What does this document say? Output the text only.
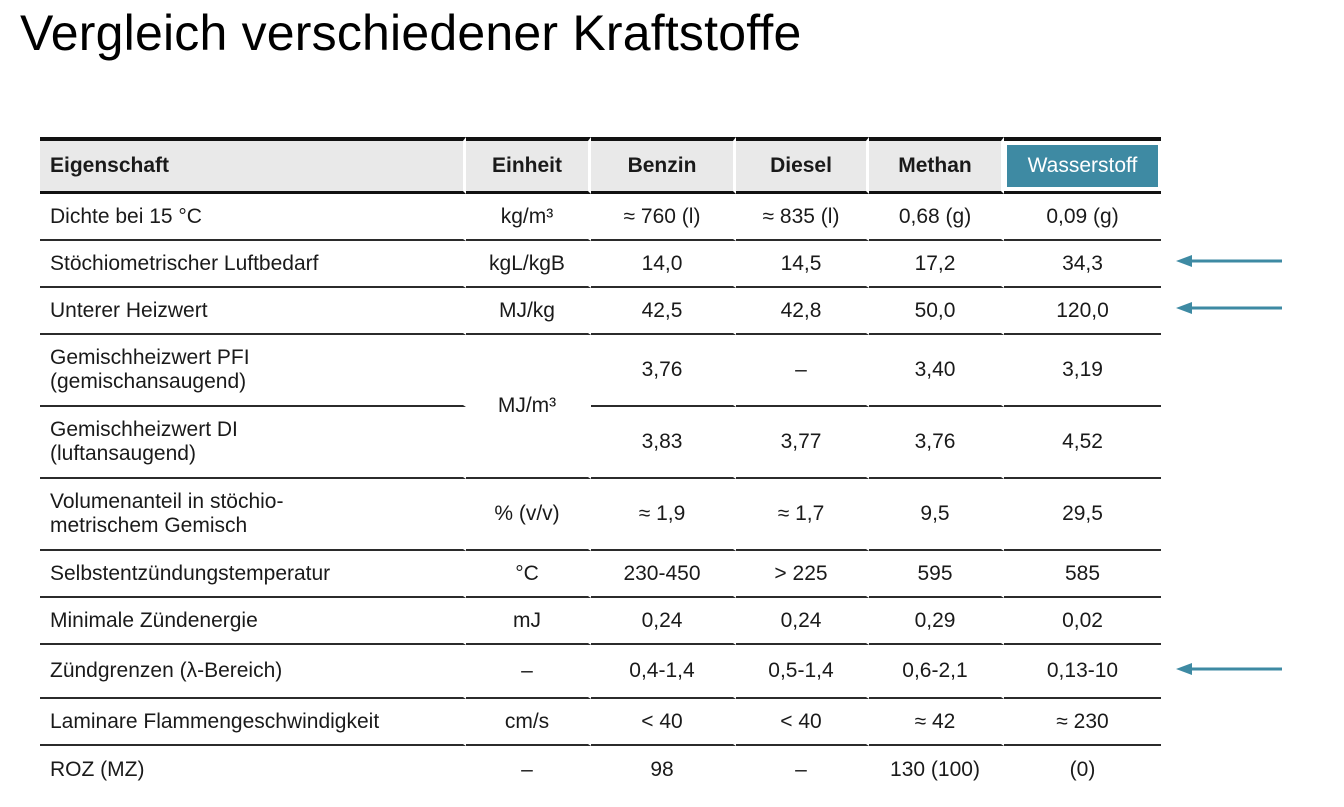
Vergleich verschiedener Kraftstoffe
Eigenschaft	Einheit	Benzin	Diesel	Methan	Wasserstoff

Dichte bei 15 °C	kg/m³	≈ 760 (l)	≈ 835 (l)	0,68 (g)	0,09 (g)
Stöchiometrischer Luftbedarf	kgL/kgB	14,0	14,5	17,2	34,3
Unterer Heizwert	MJ/kg	42,5	42,8	50,0	120,0

Gemischheizwert PFI
(gemischansaugend)	MJ/m³	3,76	–	3,40	3,19

Gemischheizwert DI
(luftansaugend)		3,83	3,77	3,76	4,52

Volumenanteil in stöchio-
metrischem Gemisch	% (v/v)	≈ 1,9	≈ 1,7	9,5	29,5
Selbstentzündungstemperatur	°C	230-450	> 225	595	585
Minimale Zündenergie	mJ	0,24	0,24	0,29	0,02
Zündgrenzen (λ-Bereich)	–	0,4-1,4	0,5-1,4	0,6-2,1	0,13-10
Laminare Flammengeschwindigkeit	cm/s	< 40	< 40	≈ 42	≈ 230
ROZ (MZ)	–	98	–	130 (100)	(0)
